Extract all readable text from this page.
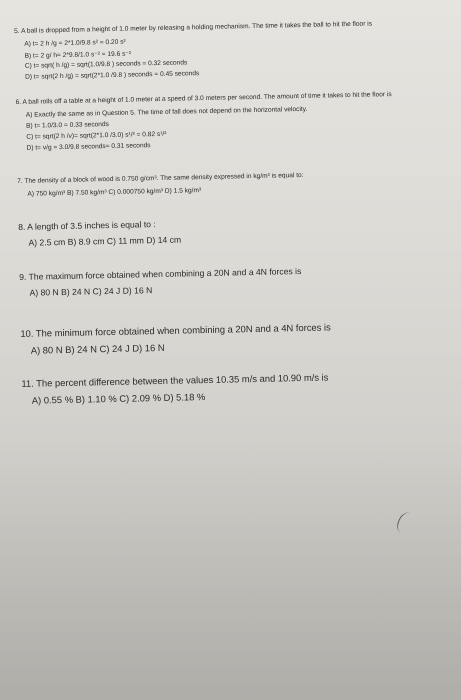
5. A ball is dropped from a height of 1.0 meter by releasing a holding mechanism. The time it takes the ball to hit the floor is
A) t= 2 h /g = 2*1.0/9.8 s² = 0.20 s²
B) t= 2 g/ h= 2*9.8/1.0 s⁻² = 19.6 s⁻²
C) t= sqrt( h /g) = sqrt(1.0/9.8 ) seconds = 0.32 seconds
D) t= sqrt(2 h /g) = sqrt(2*1.0 /9.8 ) seconds = 0.45 seconds
6. A ball rolls off a table at a height of 1.0 meter at a speed of 3.0 meters per second. The amount of time it takes to hit the floor is
A) Exactly the same as in Question 5. The time of fall does not depend on the horizontal velocity.
B) t= 1.0/3.0 = 0.33 seconds
C) t= sqrt(2 h /v)= sqrt(2*1.0 /3.0) s¹/² = 0.82 s¹/²
D) t= v/g = 3.0/9.8 seconds= 0.31 seconds
7. The density of a block of wood is 0.750 g/cm³. The same density expressed in kg/m³ is equal to:
A) 750 kg/m³ B) 7.50 kg/m³ C) 0.000750 kg/m³ D) 1.5 kg/m³
8. A length of 3.5 inches is equal to :
A) 2.5 cm B) 8.9 cm C) 11 mm D) 14 cm
9. The maximum force obtained when combining a 20N and a 4N forces is
A) 80 N B) 24 N C) 24 J D) 16 N
10. The minimum force obtained when combining a 20N and a 4N forces is
A) 80 N B) 24 N C) 24 J D) 16 N
11. The percent difference between the values 10.35 m/s and 10.90 m/s is
A) 0.55 % B) 1.10 % C) 2.09 % D) 5.18 %
